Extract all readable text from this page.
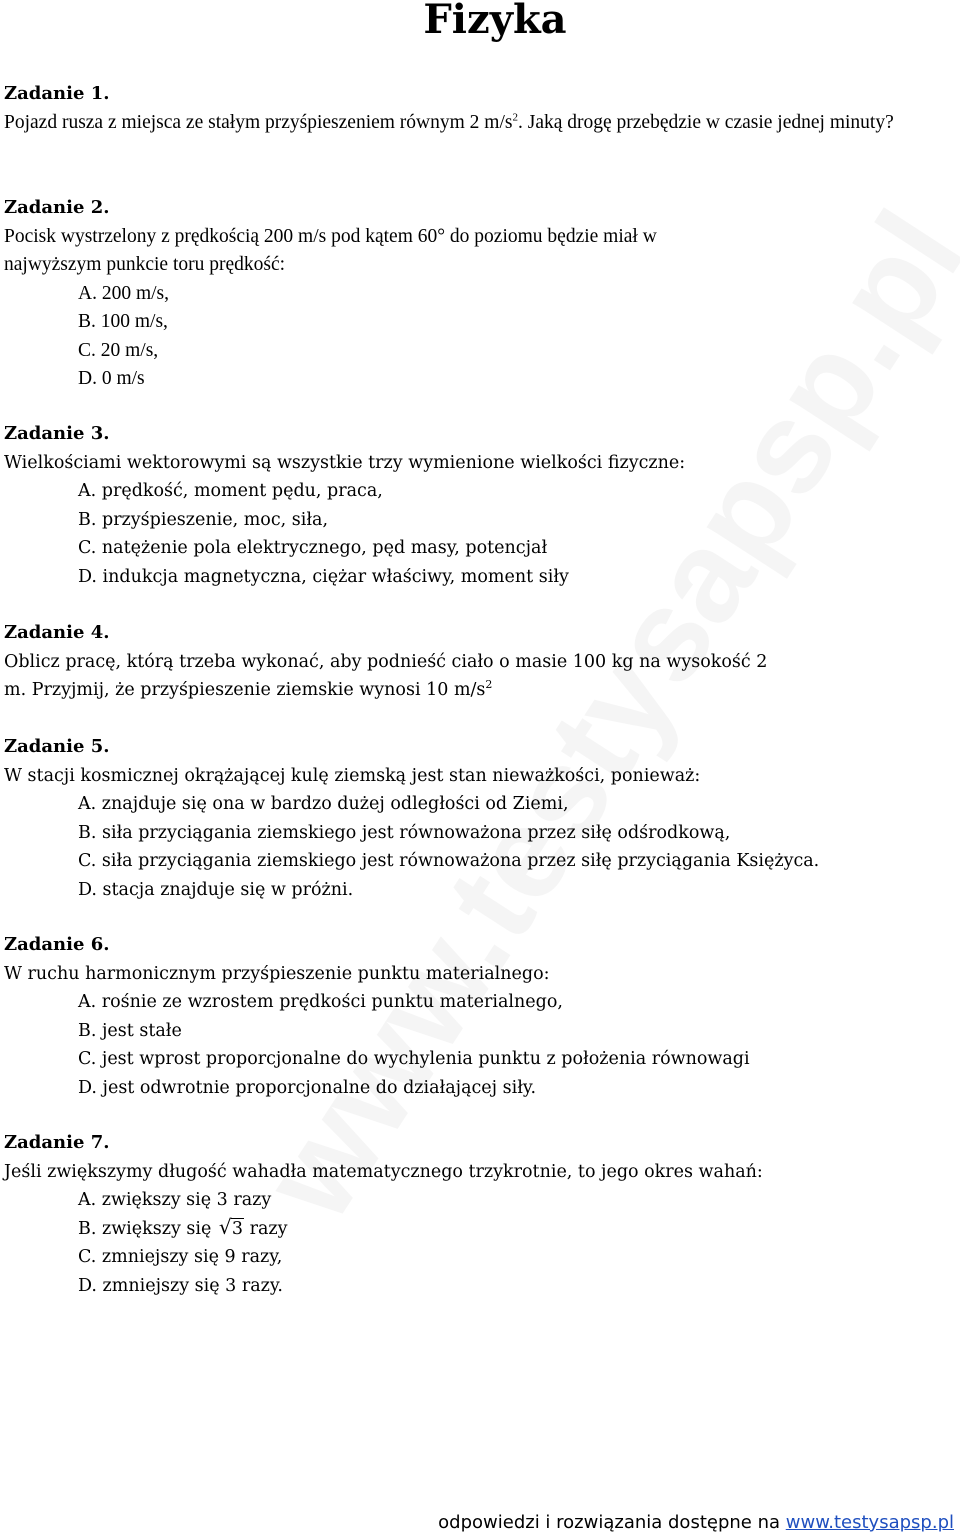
Fizyka
Zadanie 1.
Pojazd rusza z miejsca ze stałym przyśpieszeniem równym 2 $m/s^2$. Jaką drogę przebędzie w czasie jednej minuty?
Zadanie 2.
Pocisk wystrzelony z prędkością 200 m/s pod kątem 60° do poziomu będzie miał w najwyższym punkcie toru prędkość:
A. 200 m/s,
B. 100 m/s,
C. 20 m/s,
D. 0 m/s
Zadanie 3.
Wielkościami wektorowymi są wszystkie trzy wymienione wielkości fizyczne:
A. prędkość, moment pędu, praca,
B. przyśpieszenie, moc, siła,
C. natężenie pola elektrycznego, pęd masy, potencjał
D. indukcja magnetyczna, ciężar właściwy, moment siły
Zadanie 4.
Oblicz pracę, którą trzeba wykonać, aby podnieść ciało o masie 100 kg na wysokość 2 m. Przyjmij, że przyśpieszenie ziemskie wynosi 10 $m/s^2$
Zadanie 5.
W stacji kosmicznej okrążającej kulę ziemską jest stan nieważkości, ponieważ:
A. znajduje się ona w bardzo dużej odległości od Ziemi,
B. siła przyciągania ziemskiego jest równoważona przez siłę odśrodkową,
C. siła przyciągania ziemskiego jest równoważona przez siłę przyciągania Księżyca.
D. stacja znajduje się w próżni.
Zadanie 6.
W ruchu harmonicznym przyśpieszenie punktu materialnego:
A. rośnie ze wzrostem prędkości punktu materialnego,
B. jest stałe
C. jest wprost proporcjonalne do wychylenia punktu z położenia równowagi
D. jest odwrotnie proporcjonalne do działającej siły.
Zadanie 7.
Jeśli zwiększymy długość wahadła matematycznego trzykrotnie, to jego okres wahań:
A. zwiększy się 3 razy
B. zwiększy się √ 3 razy
C. zmniejszy się 9 razy,
D. zmniejszy się 3 razy.
odpowiedzi i rozwiązania dostępne na www.testysapsp.pl
